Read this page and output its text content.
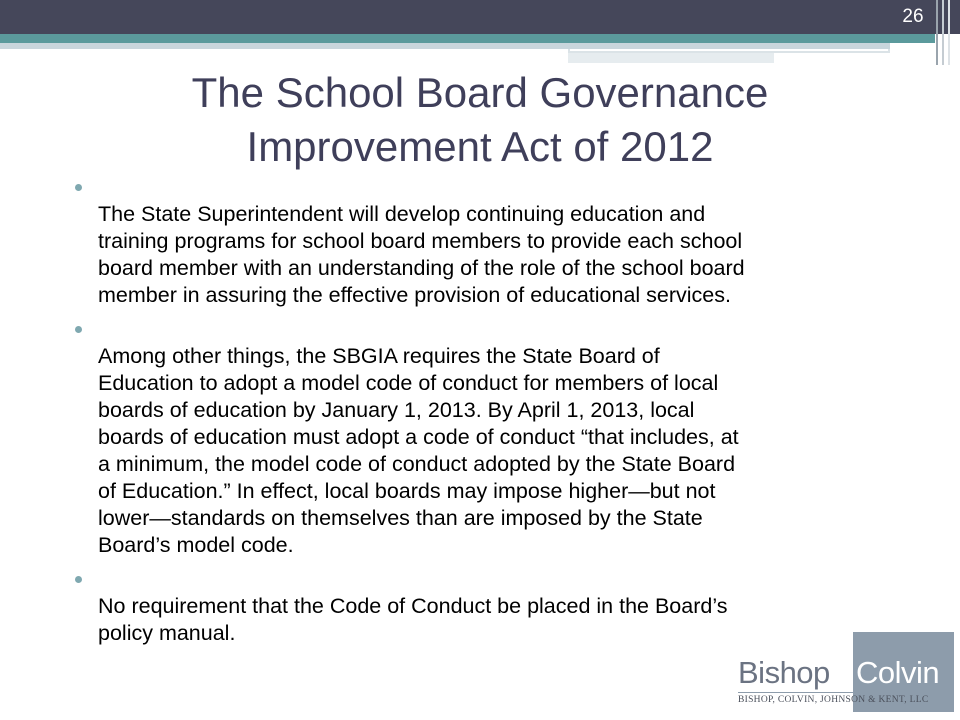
26
The School Board Governance
Improvement Act of 2012

The State Superintendent will develop continuing education and
training programs for school board members to provide each school
board member with an understanding of the role of the school board
member in assuring the effective provision of educational services.

Among other things, the SBGIA requires the State Board of
Education to adopt a model code of conduct for members of local
boards of education by January 1, 2013. By April 1, 2013, local
boards of education must adopt a code of conduct “that includes, at
a minimum, the model code of conduct adopted by the State Board
of Education.” In effect, local boards may impose higher—but not
lower—standards on themselves than are imposed by the State
Board’s model code.

No requirement that the Code of Conduct be placed in the Board’s
policy manual.

Bishop Colvin
BISHOP, COLVIN, JOHNSON & KENT, LLC
